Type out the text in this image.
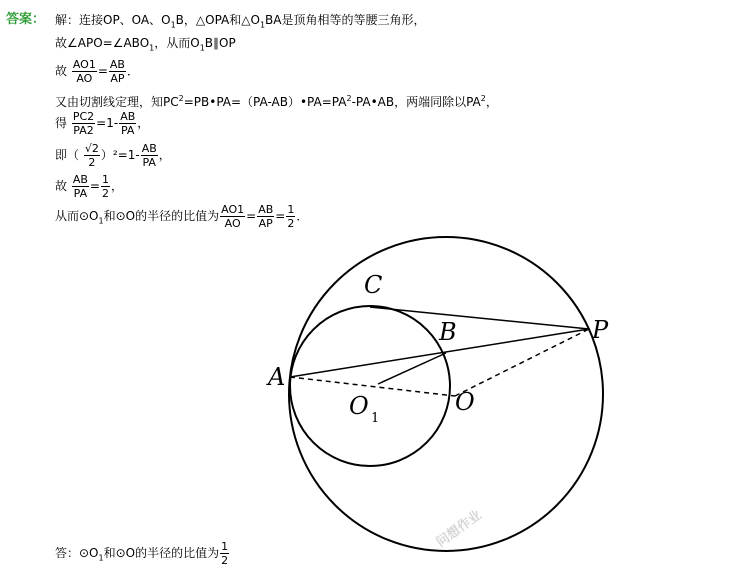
答案： 解：连接OP、OA、$O_1B$，△OPA和$\triangle O_1BA$是顶角相等的等腰三角形，
故$\angle APO=\angle ABO_1$，从而$O_1B\parallel OP$
故 $\frac{AO1}{AO} = \frac{AB}{AP}$ ．
又由切割线定理，知$PC^2=PB•PA=(PA-AB)•PA=PA^2-PA•AB$，两端同除以$PA^2$，
得 $\frac{PC2}{PA2} =1- \frac{AB}{PA}$ ，
即（ $\frac{√2}{2} )^2=1- \frac{AB}{PA}$ ，
故 $\frac{AB}{PA} = \frac{1}{2}$ ，
从而$⊙O_1$和⊙O的半径的比值为 $\frac{AO1}{AO} = \frac{AB}{AP} = \frac{1}{2}$ ．
C
B	P
A
O
O 1
问想作业
答：$⊙O_1$和⊙O的半径的比值为 $\frac{1}{2}$
